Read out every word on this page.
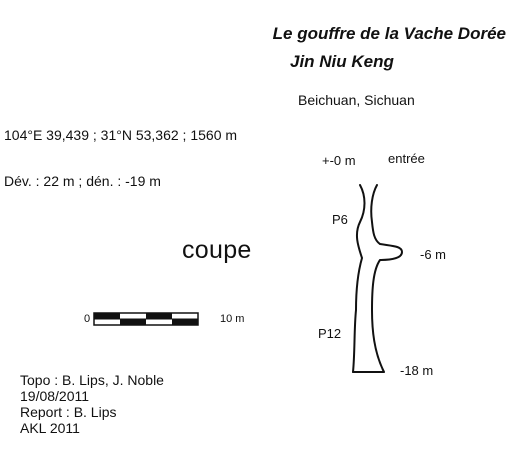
Le gouffre de la Vache Dorée

Jin Niu Keng

Beichuan, Sichuan

104°E 39,439 ; 31°N 53,362 ; 1560 m

Dév. : 22 m ; dén. : -19 m

coupe

0	10 m

+-0 m entrée

P6

-6 m

P12

-18 m

Topo : B. Lips, J. Noble
19/08/2011
Report : B. Lips
AKL 2011
